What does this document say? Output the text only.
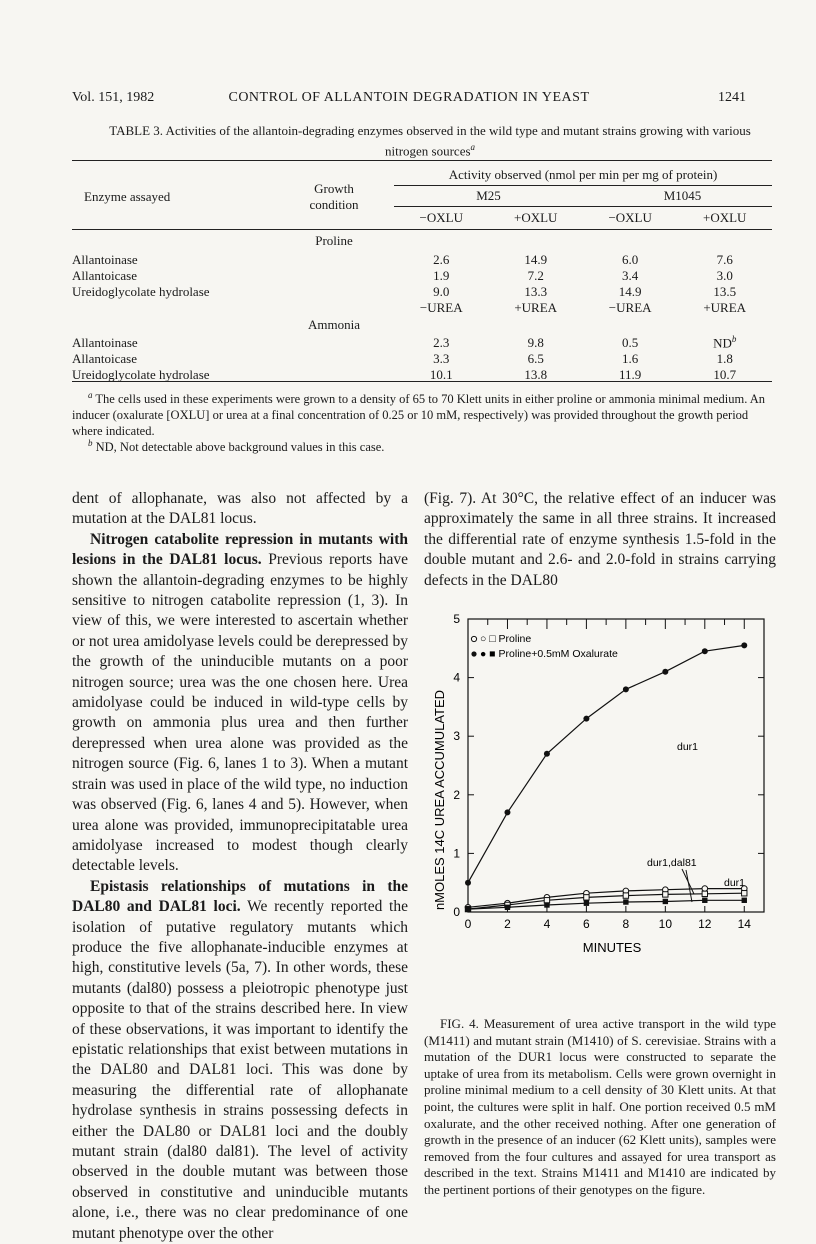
Vol. 151, 1982	CONTROL OF ALLANTOIN DEGRADATION IN YEAST	1241
TABLE 3. Activities of the allantoin-degrading enzymes observed in the wild type and mutant strains growing with various nitrogen sources$^a$
Enzyme assayed	Growth condition	Activity observed (nmol per min per mg of protein)			
		M25		M1045	
		−OXLU	+OXLU	−OXLU	+OXLU
	Proline				
Allantoinase		2.6	14.9	6.0	7.6
Allantoicase		1.9	7.2	3.4	3.0
Ureidoglycolate hydrolase		9.0	13.3	14.9	13.5
		−UREA	+UREA	−UREA	+UREA
	Ammonia				
Allantoinase		2.3	9.8	0.5	$ND^b$
Allantoicase		3.3	6.5	1.6	1.8
Ureidoglycolate hydrolase		10.1	13.8	11.9	10.7
$^a$ The cells used in these experiments were grown to a density of 65 to 70 Klett units in either proline or ammonia minimal medium. An inducer (oxalurate [OXLU] or urea at a final concentration of 0.25 or 10 mM, respectively) was provided throughout the growth period where indicated.
$^b$ ND, Not detectable above background values in this case.
dent of allophanate, was also not affected by a mutation at the DAL81 locus.
Nitrogen catabolite repression in mutants with lesions in the DAL81 locus. Previous reports have shown the allantoin-degrading enzymes to be highly sensitive to nitrogen catabolite repression (1, 3). In view of this, we were interested to ascertain whether or not urea amidolyase levels could be derepressed by the growth of the uninducible mutants on a poor nitrogen source; urea was the one chosen here. Urea amidolyase could be induced in wild-type cells by growth on ammonia plus urea and then further derepressed when urea alone was provided as the nitrogen source (Fig. 6, lanes 1 to 3). When a mutant strain was used in place of the wild type, no induction was observed (Fig. 6, lanes 4 and 5). However, when urea alone was provided, immunoprecipitatable urea amidolyase increased to modest though clearly detectable levels.
Epistasis relationships of mutations in the DAL80 and DAL81 loci. We recently reported the isolation of putative regulatory mutants which produce the five allophanate-inducible enzymes at high, constitutive levels (5a, 7). In other words, these mutants (dal80) possess a pleiotropic phenotype just opposite to that of the strains described here. In view of these observations, it was important to identify the epistatic relationships that exist between mutations in the DAL80 and DAL81 loci. This was done by measuring the differential rate of allophanate hydrolase synthesis in strains possessing defects in either the DAL80 or DAL81 loci and the doubly mutant strain (dal80 dal81). The level of activity observed in the double mutant was between those observed in constitutive and uninducible mutants alone, i.e., there was no clear predominance of one mutant phenotype over the other
(Fig. 7). At 30°C, the relative effect of an inducer was approximately the same in all three strains. It increased the differential rate of enzyme synthesis 1.5-fold in the double mutant and 2.6- and 2.0-fold in strains carrying defects in the DAL80
0	2	4	6	8 10 12 14
0
1
2
3
4
5
○ □ Proline
● ■ Proline+0.5mM Oxalurate
MINUTES
nMOLES 14C UREA ACCUMULATED	dur1
dur1,dal81
dur1
FIG. 4. Measurement of urea active transport in the wild type (M1411) and mutant strain (M1410) of S. cerevisiae. Strains with a mutation of the DUR1 locus were constructed to separate the uptake of urea from its metabolism. Cells were grown overnight in proline minimal medium to a cell density of 30 Klett units. At that point, the cultures were split in half. One portion received 0.5 mM oxalurate, and the other received nothing. After one generation of growth in the presence of an inducer (62 Klett units), samples were removed from the four cultures and assayed for urea transport as described in the text. Strains M1411 and M1410 are indicated by the pertinent portions of their genotypes on the figure.
